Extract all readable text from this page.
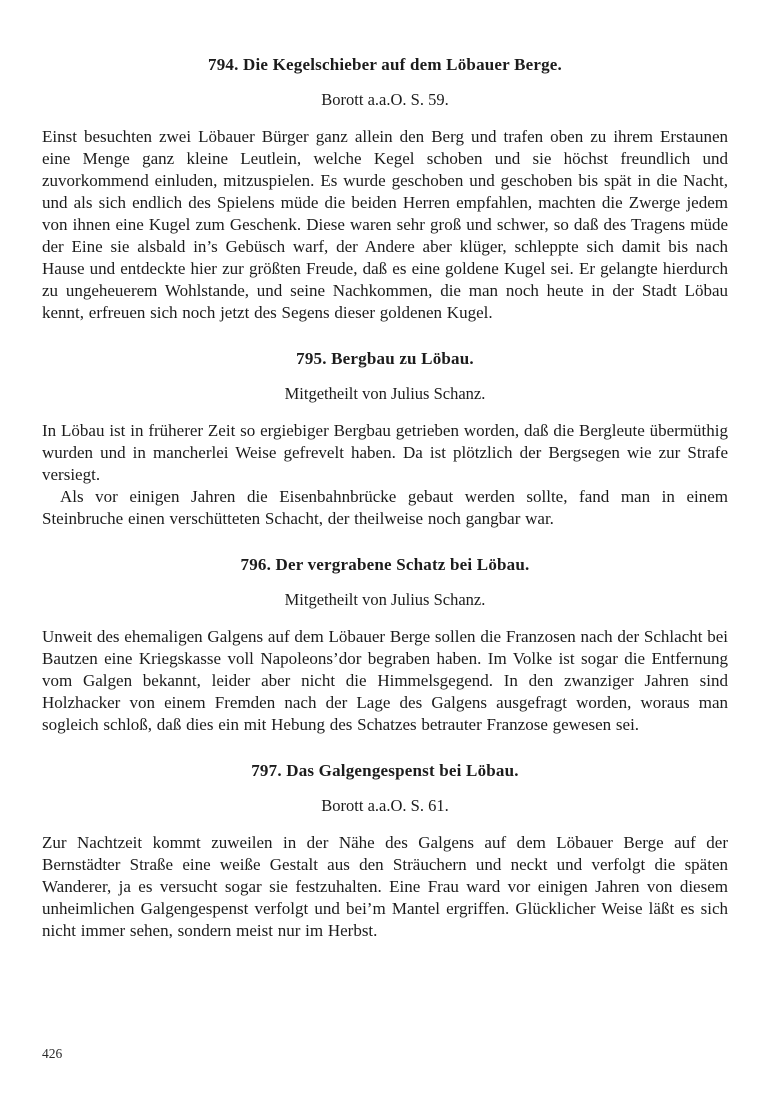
794. Die Kegelschieber auf dem Löbauer Berge.
Borott a.a.O. S. 59.

Einst besuchten zwei Löbauer Bürger ganz allein den Berg und trafen oben zu ihrem Erstaunen eine Menge ganz kleine Leutlein, welche Kegel schoben und sie höchst freundlich und zuvorkommend einluden, mitzuspielen. Es wurde geschoben und geschoben bis spät in die Nacht, und als sich endlich des Spielens müde die beiden Herren empfahlen, machten die Zwerge jedem von ihnen eine Kugel zum Geschenk. Diese waren sehr groß und schwer, so daß des Tragens müde der Eine sie alsbald in’s Gebüsch warf, der Andere aber klüger, schleppte sich damit bis nach Hause und entdeckte hier zur größten Freude, daß es eine goldene Kugel sei. Er gelangte hierdurch zu ungeheuerem Wohlstande, und seine Nachkommen, die man noch heute in der Stadt Löbau kennt, erfreuen sich noch jetzt des Segens dieser goldenen Kugel.

795. Bergbau zu Löbau.
Mitgetheilt von Julius Schanz.

In Löbau ist in früherer Zeit so ergiebiger Bergbau getrieben worden, daß die Bergleute übermüthig wurden und in mancherlei Weise gefrevelt haben. Da ist plötzlich der Bergsegen wie zur Strafe versiegt.

Als vor einigen Jahren die Eisenbahnbrücke gebaut werden sollte, fand man in einem Steinbruche einen verschütteten Schacht, der theilweise noch gangbar war.

796. Der vergrabene Schatz bei Löbau.
Mitgetheilt von Julius Schanz.

Unweit des ehemaligen Galgens auf dem Löbauer Berge sollen die Franzosen nach der Schlacht bei Bautzen eine Kriegskasse voll Napoleons’dor begraben haben. Im Volke ist sogar die Entfernung vom Galgen bekannt, leider aber nicht die Himmelsgegend. In den zwanziger Jahren sind Holzhacker von einem Fremden nach der Lage des Galgens ausgefragt worden, woraus man sogleich schloß, daß dies ein mit Hebung des Schatzes betrauter Franzose gewesen sei.

797. Das Galgengespenst bei Löbau.
Borott a.a.O. S. 61.

Zur Nachtzeit kommt zuweilen in der Nähe des Galgens auf dem Löbauer Berge auf der Bernstädter Straße eine weiße Gestalt aus den Sträuchern und neckt und verfolgt die späten Wanderer, ja es versucht sogar sie festzuhalten. Eine Frau ward vor einigen Jahren von diesem unheimlichen Galgengespenst verfolgt und bei’m Mantel ergriffen. Glücklicher Weise läßt es sich nicht immer sehen, sondern meist nur im Herbst.

426
